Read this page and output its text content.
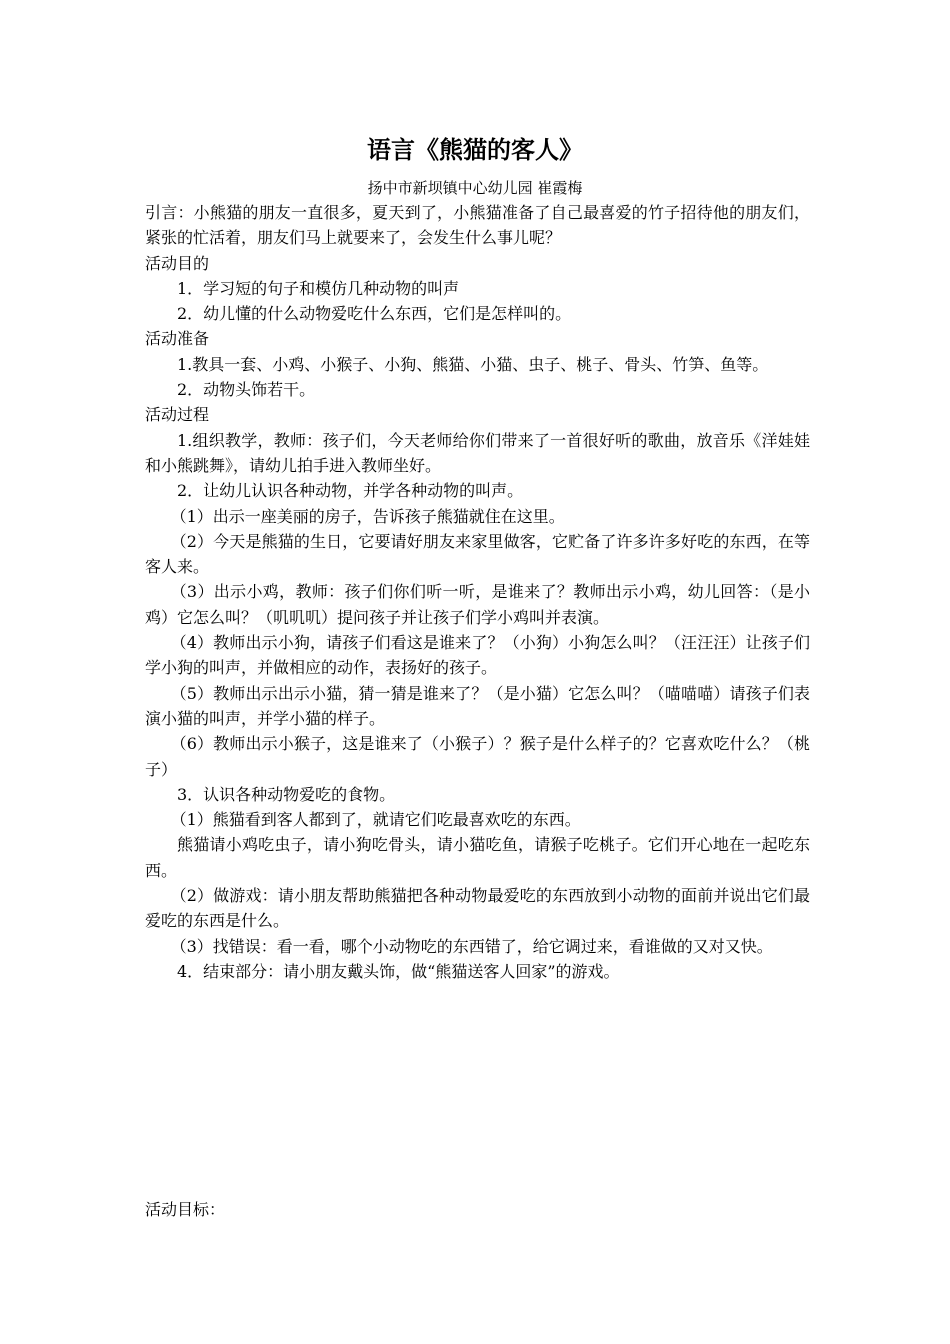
语言《熊猫的客人》
扬中市新坝镇中心幼儿园 崔霞梅

引言：小熊猫的朋友一直很多，夏天到了，小熊猫准备了自己最喜爱的竹子招待他的朋友们，紧张的忙活着，朋友们马上就要来了，会发生什么事儿呢？

活动目的

1．学习短的句子和模仿几种动物的叫声

2．幼儿懂的什么动物爱吃什么东西，它们是怎样叫的。

活动准备

1.教具一套、小鸡、小猴子、小狗、熊猫、小猫、虫子、桃子、骨头、竹笋、鱼等。

2．动物头饰若干。

活动过程

1.组织教学，教师：孩子们，今天老师给你们带来了一首很好听的歌曲，放音乐《洋娃娃和小熊跳舞》，请幼儿拍手进入教师坐好。

2．让幼儿认识各种动物，并学各种动物的叫声。

（1）出示一座美丽的房子，告诉孩子熊猫就住在这里。

（2）今天是熊猫的生日，它要请好朋友来家里做客，它贮备了许多许多好吃的东西，在等客人来。

（3）出示小鸡，教师：孩子们你们听一听，是谁来了？教师出示小鸡，幼儿回答：（是小鸡）它怎么叫？（叽叽叽）提问孩子并让孩子们学小鸡叫并表演。

（4）教师出示小狗，请孩子们看这是谁来了？（小狗）小狗怎么叫？（汪汪汪）让孩子们学小狗的叫声，并做相应的动作，表扬好的孩子。

（5）教师出示出示小猫，猜一猜是谁来了？（是小猫）它怎么叫？（喵喵喵）请孩子们表演小猫的叫声，并学小猫的样子。

（6）教师出示小猴子，这是谁来了（小猴子）？猴子是什么样子的？它喜欢吃什么？（桃子）

3．认识各种动物爱吃的食物。

（1）熊猫看到客人都到了，就请它们吃最喜欢吃的东西。

熊猫请小鸡吃虫子，请小狗吃骨头，请小猫吃鱼，请猴子吃桃子。它们开心地在一起吃东西。

（2）做游戏：请小朋友帮助熊猫把各种动物最爱吃的东西放到小动物的面前并说出它们最爱吃的东西是什么。

（3）找错误：看一看，哪个小动物吃的东西错了，给它调过来，看谁做的又对又快。

4．结束部分：请小朋友戴头饰，做“熊猫送客人回家”的游戏。

活动目标：
